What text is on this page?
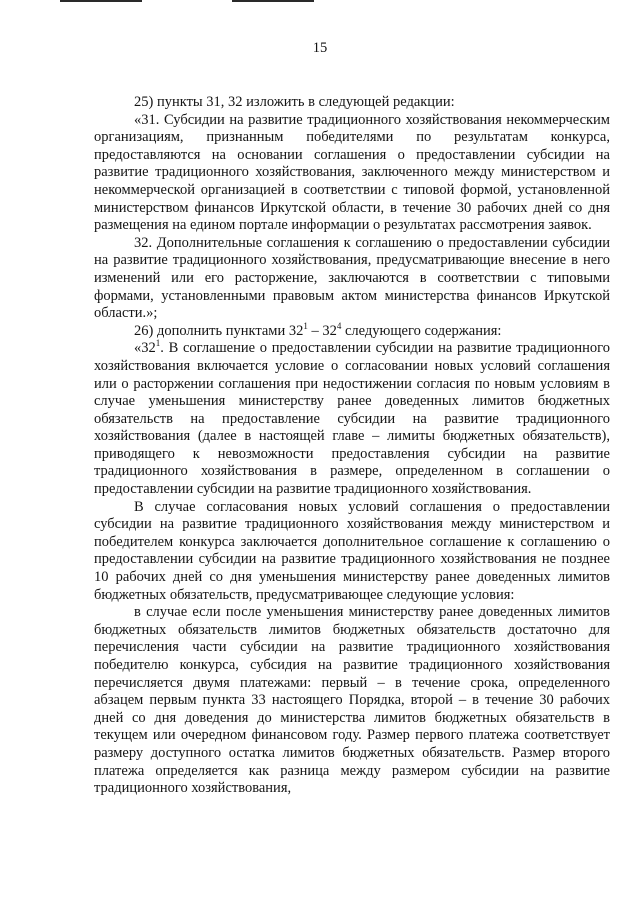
15

25) пункты 31, 32 изложить в следующей редакции:

«31. Субсидии на развитие традиционного хозяйствования некоммерческим организациям, признанным победителями по результатам конкурса, предоставляются на основании соглашения о предоставлении субсидии на развитие традиционного хозяйствования, заключенного между министерством и некоммерческой организацией в соответствии с типовой формой, установленной министерством финансов Иркутской области, в течение 30 рабочих дней со дня размещения на едином портале информации о результатах рассмотрения заявок.

32. Дополнительные соглашения к соглашению о предоставлении субсидии на развитие традиционного хозяйствования, предусматривающие внесение в него изменений или его расторжение, заключаются в соответствии с типовыми формами, установленными правовым актом министерства финансов Иркутской области.»;

26) дополнить пунктами $32^1 - 32^4$ следующего содержания:

«$32^1$. В соглашение о предоставлении субсидии на развитие традиционного хозяйствования включается условие о согласовании новых условий соглашения или о расторжении соглашения при недостижении согласия по новым условиям в случае уменьшения министерству ранее доведенных лимитов бюджетных обязательств на предоставление субсидии на развитие традиционного хозяйствования (далее в настоящей главе – лимиты бюджетных обязательств), приводящего к невозможности предоставления субсидии на развитие традиционного хозяйствования в размере, определенном в соглашении о предоставлении субсидии на развитие традиционного хозяйствования.

В случае согласования новых условий соглашения о предоставлении субсидии на развитие традиционного хозяйствования между министерством и победителем конкурса заключается дополнительное соглашение к соглашению о предоставлении субсидии на развитие традиционного хозяйствования не позднее 10 рабочих дней со дня уменьшения министерству ранее доведенных лимитов бюджетных обязательств, предусматривающее следующие условия:

в случае если после уменьшения министерству ранее доведенных лимитов бюджетных обязательств лимитов бюджетных обязательств достаточно для перечисления части субсидии на развитие традиционного хозяйствования победителю конкурса, субсидия на развитие традиционного хозяйствования перечисляется двумя платежами: первый – в течение срока, определенного абзацем первым пункта 33 настоящего Порядка, второй – в течение 30 рабочих дней со дня доведения до министерства лимитов бюджетных обязательств в текущем или очередном финансовом году. Размер первого платежа соответствует размеру доступного остатка лимитов бюджетных обязательств. Размер второго платежа определяется как разница между размером субсидии на развитие традиционного хозяйствования,
